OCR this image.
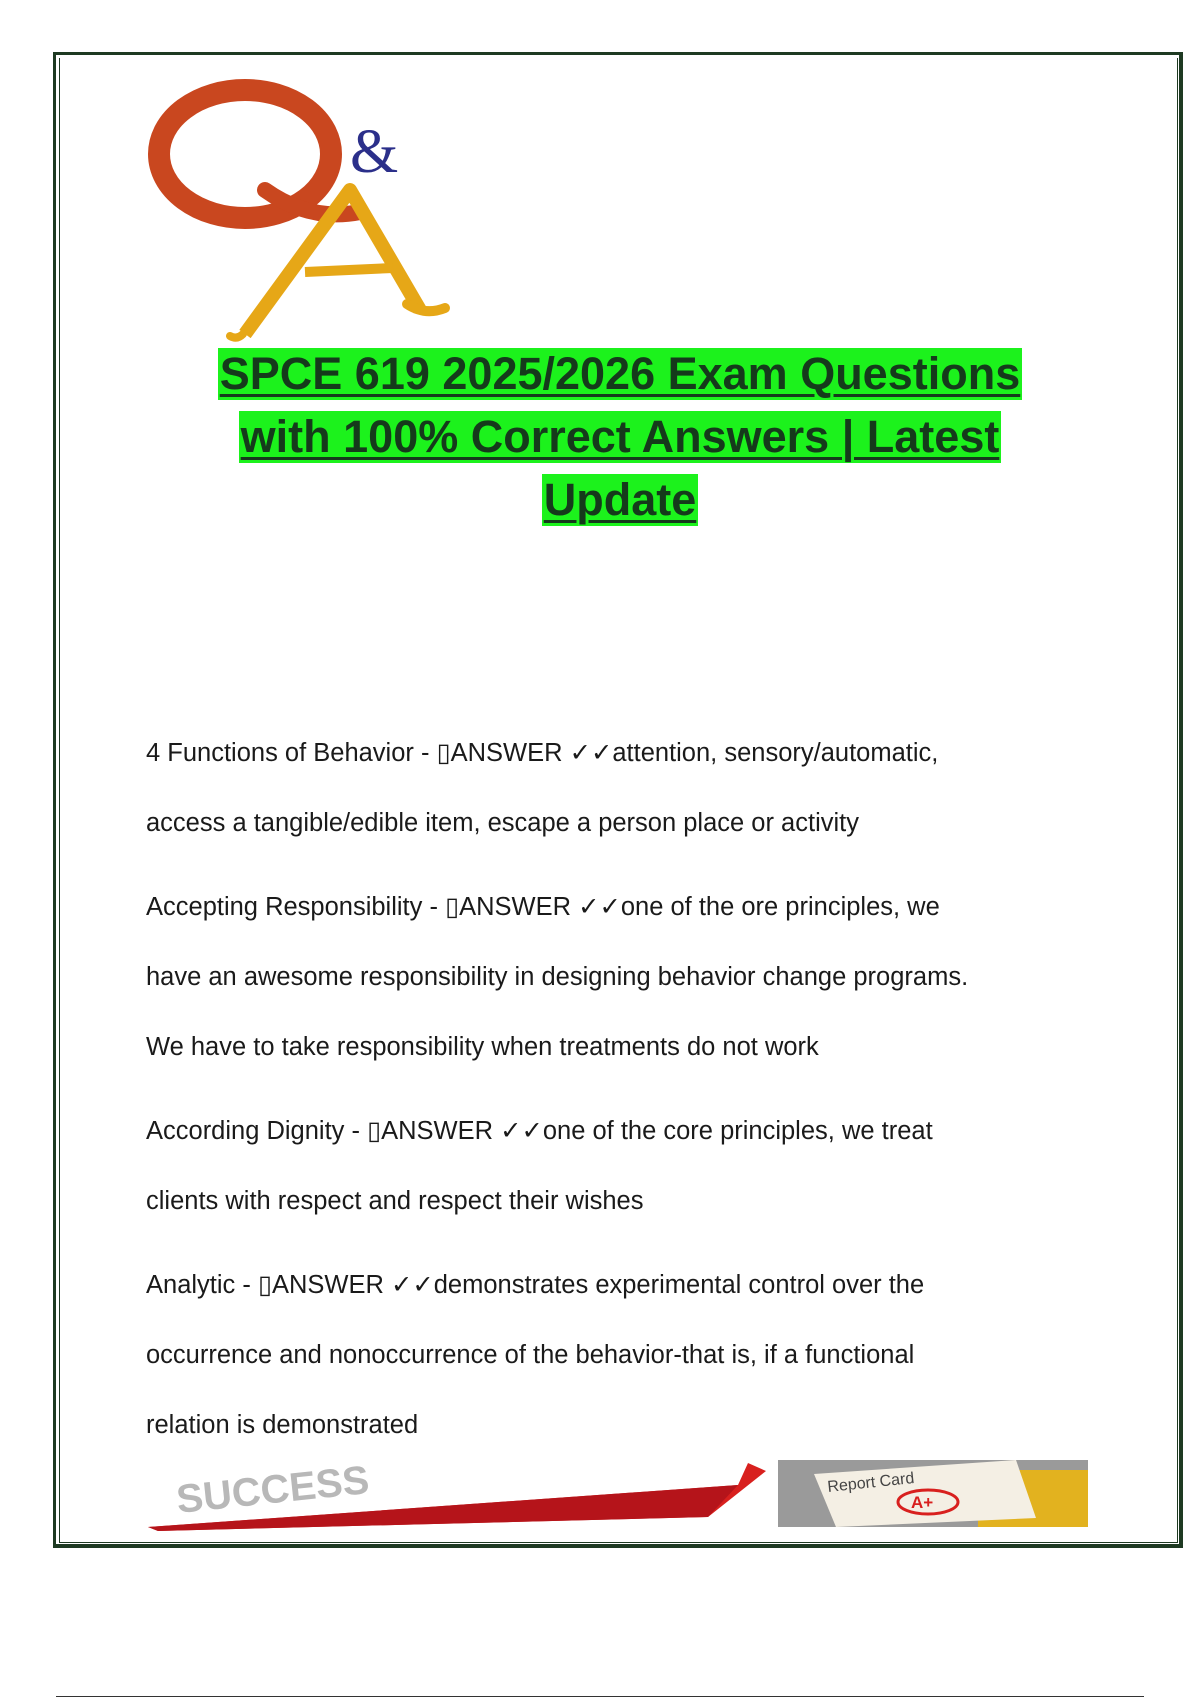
&
SPCE 619 2025/2026 Exam Questions
with 100% Correct Answers | Latest
Update
4 Functions of Behavior - ▯ANSWER ✓✓attention, sensory/automatic,
access a tangible/edible item, escape a person place or activity
Accepting Responsibility - ▯ANSWER ✓✓one of the ore principles, we
have an awesome responsibility in designing behavior change programs.
We have to take responsibility when treatments do not work
According Dignity - ▯ANSWER ✓✓one of the core principles, we treat
clients with respect and respect their wishes
Analytic - ▯ANSWER ✓✓demonstrates experimental control over the
occurrence and nonoccurrence of the behavior-that is, if a functional
relation is demonstrated
SUCCESS	Report Card
A+
